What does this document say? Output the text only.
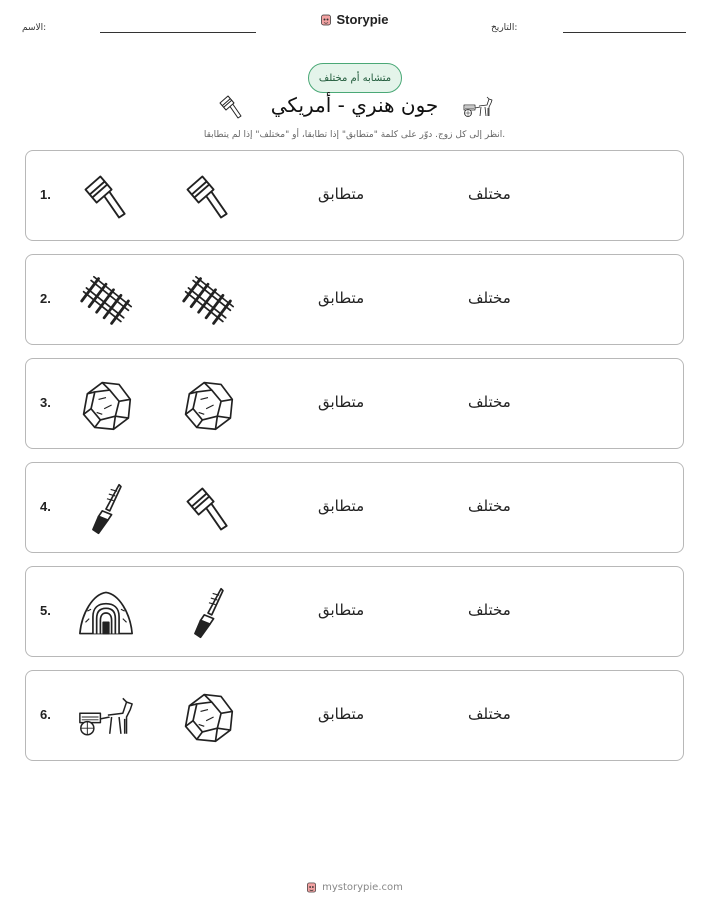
الاسم:
Storypie
التاريخ:
متشابه أم مختلف
جون هنري - أمريكي
انظر إلى كل زوج. دوّر على كلمة "متطابق" إذا تطابقا، أو "مختلف" إذا لم يتطابقا.
1.	متطابق	مختلف
2.	متطابق	مختلف
3.	متطابق	مختلف
4.	متطابق	مختلف
5.	متطابق	مختلف
6.	متطابق	مختلف
mystorypie.com
